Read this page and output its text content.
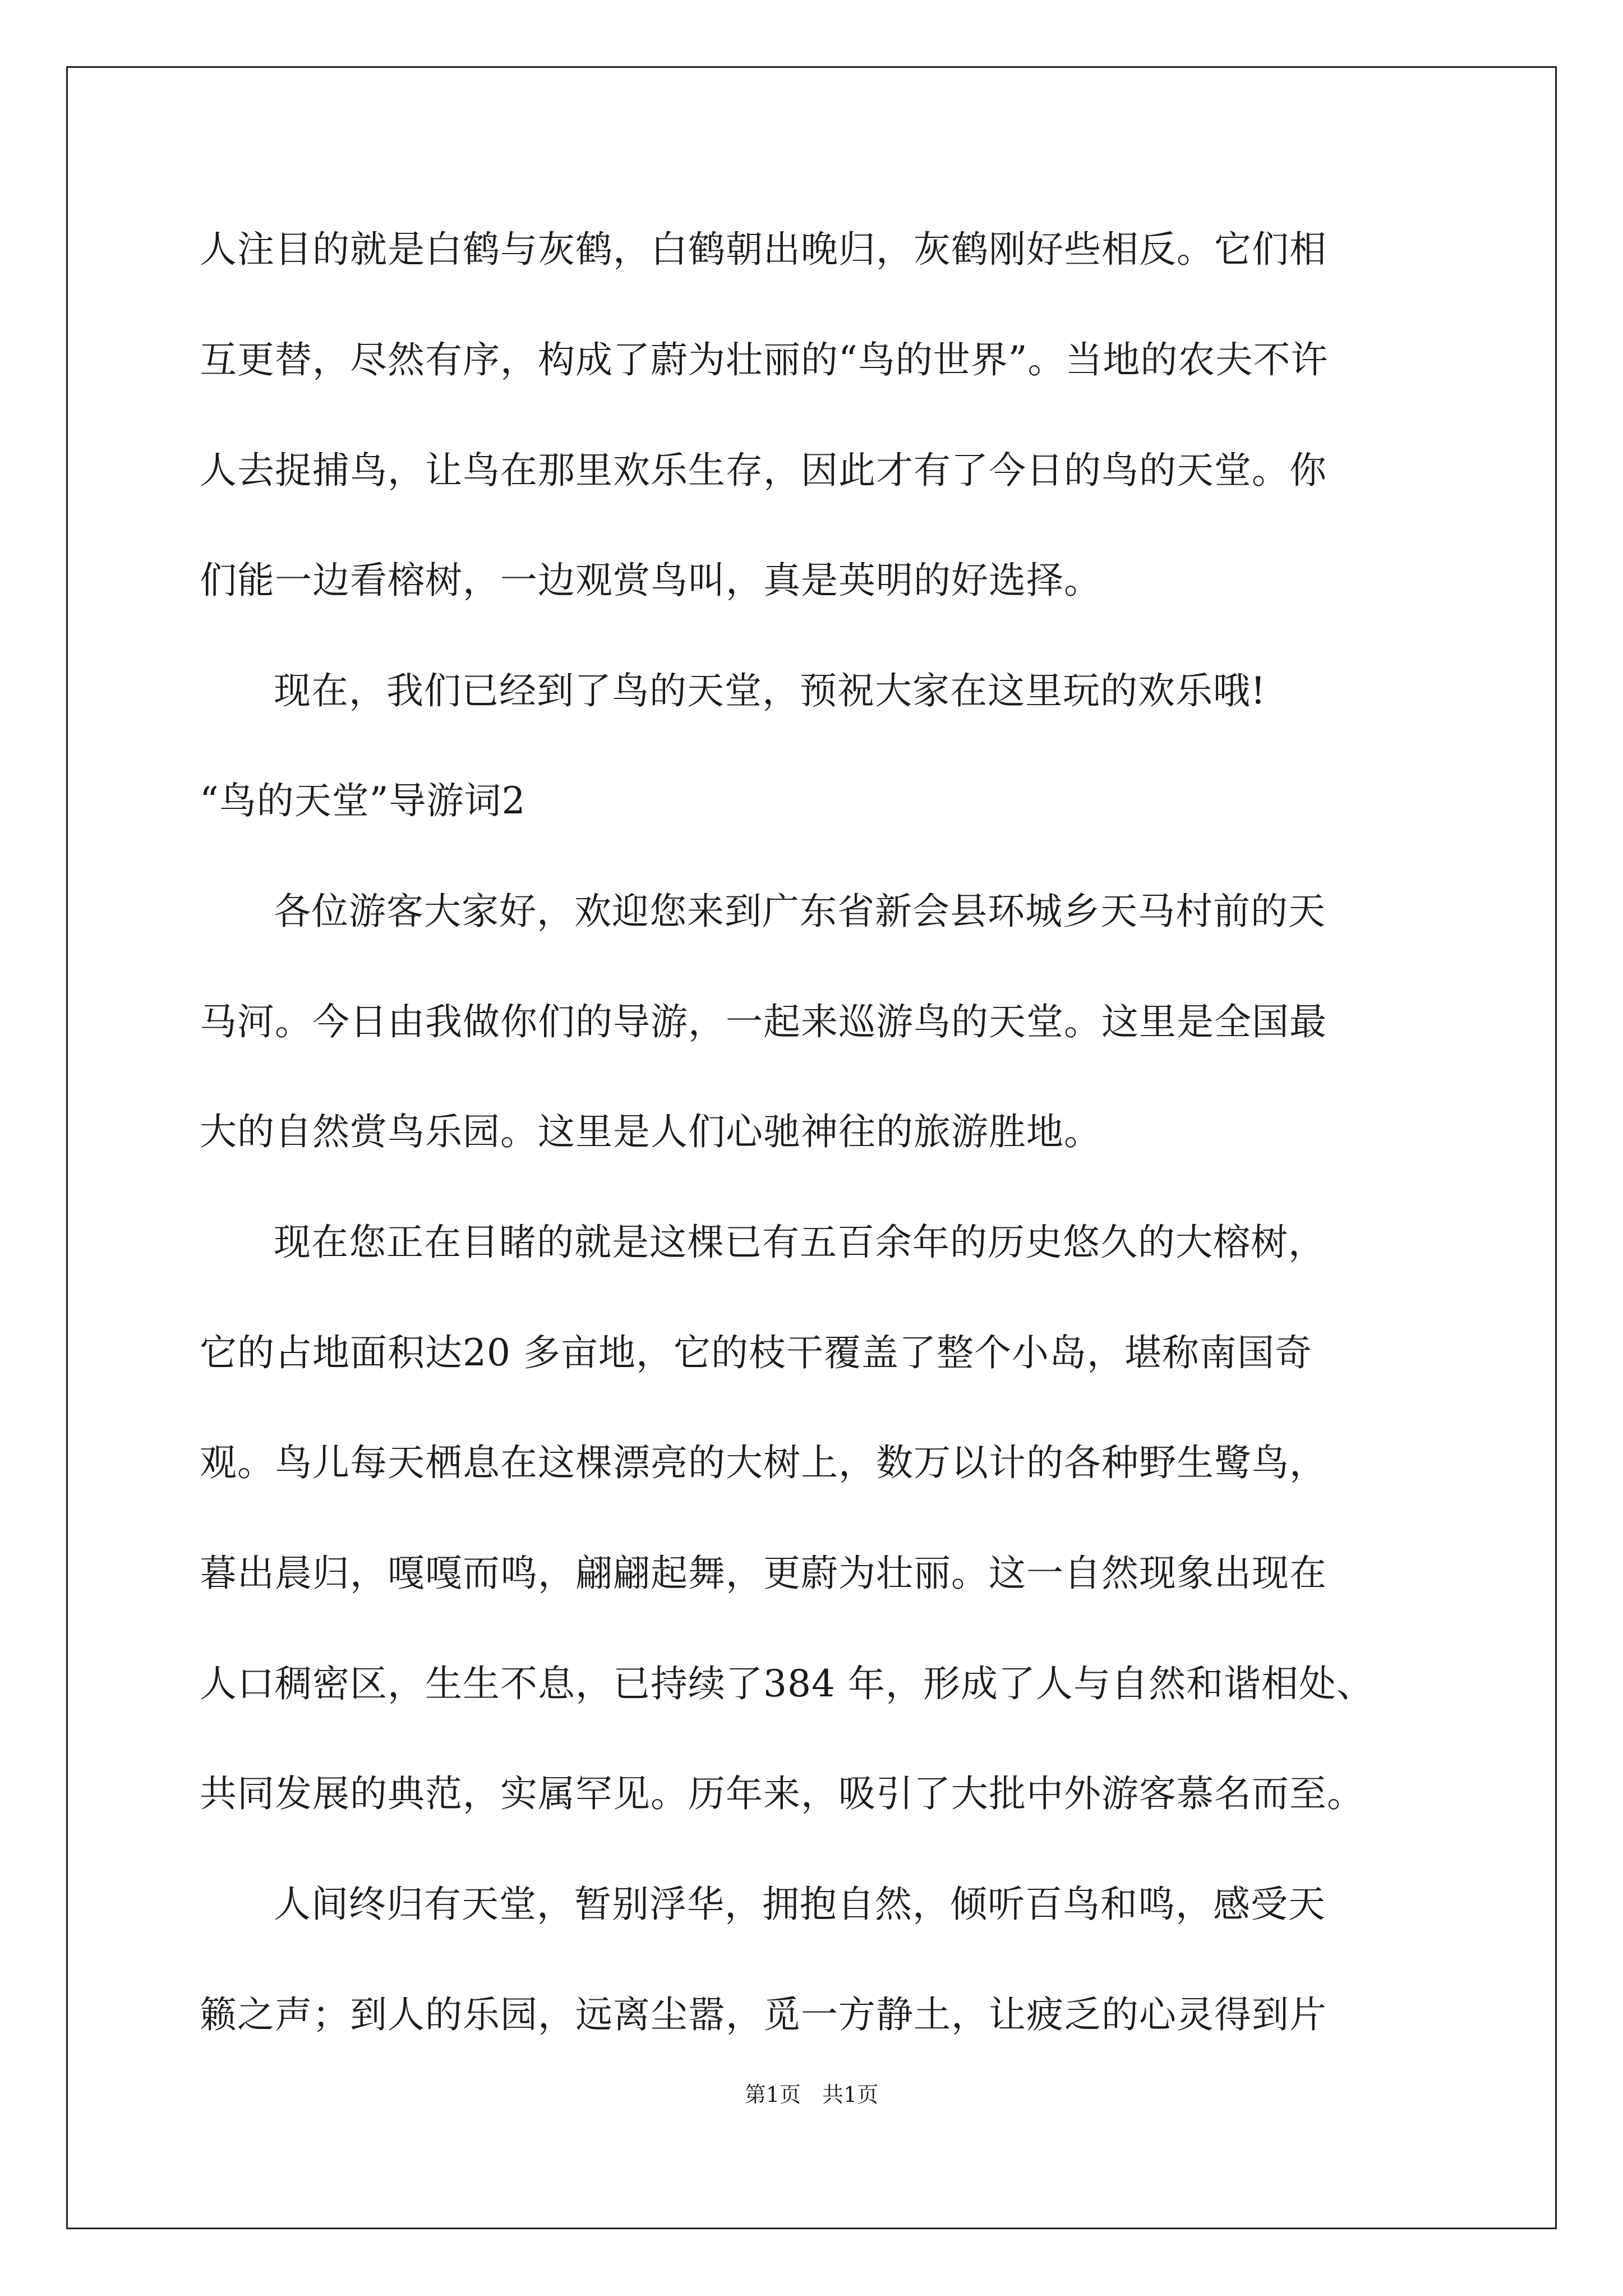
人注目的就是白鹤与灰鹤，白鹤朝出晚归，灰鹤刚好些相反。它们相
互更替，尽然有序，构成了蔚为壮丽的“鸟的世界”。当地的农夫不许
人去捉捕鸟，让鸟在那里欢乐生存，因此才有了今日的鸟的天堂。你
们能一边看榕树，一边观赏鸟叫，真是英明的好选择。
现在，我们已经到了鸟的天堂，预祝大家在这里玩的欢乐哦!
“鸟的天堂”导游词2
各位游客大家好，欢迎您来到广东省新会县环城乡天马村前的天
马河。今日由我做你们的导游，一起来巡游鸟的天堂。这里是全国最
大的自然赏鸟乐园。这里是人们心驰神往的旅游胜地。
现在您正在目睹的就是这棵已有五百余年的历史悠久的大榕树，
它的占地面积达20 多亩地，它的枝干覆盖了整个小岛，堪称南国奇
观。鸟儿每天栖息在这棵漂亮的大树上，数万以计的各种野生鹭鸟，
暮出晨归，嘎嘎而鸣，翩翩起舞，更蔚为壮丽。这一自然现象出现在
人口稠密区，生生不息，已持续了384 年，形成了人与自然和谐相处、
共同发展的典范，实属罕见。历年来，吸引了大批中外游客慕名而至。
人间终归有天堂，暂别浮华，拥抱自然，倾听百鸟和鸣，感受天
籁之声；到人的乐园，远离尘嚣，觅一方静土，让疲乏的心灵得到片
第1页 共1页
